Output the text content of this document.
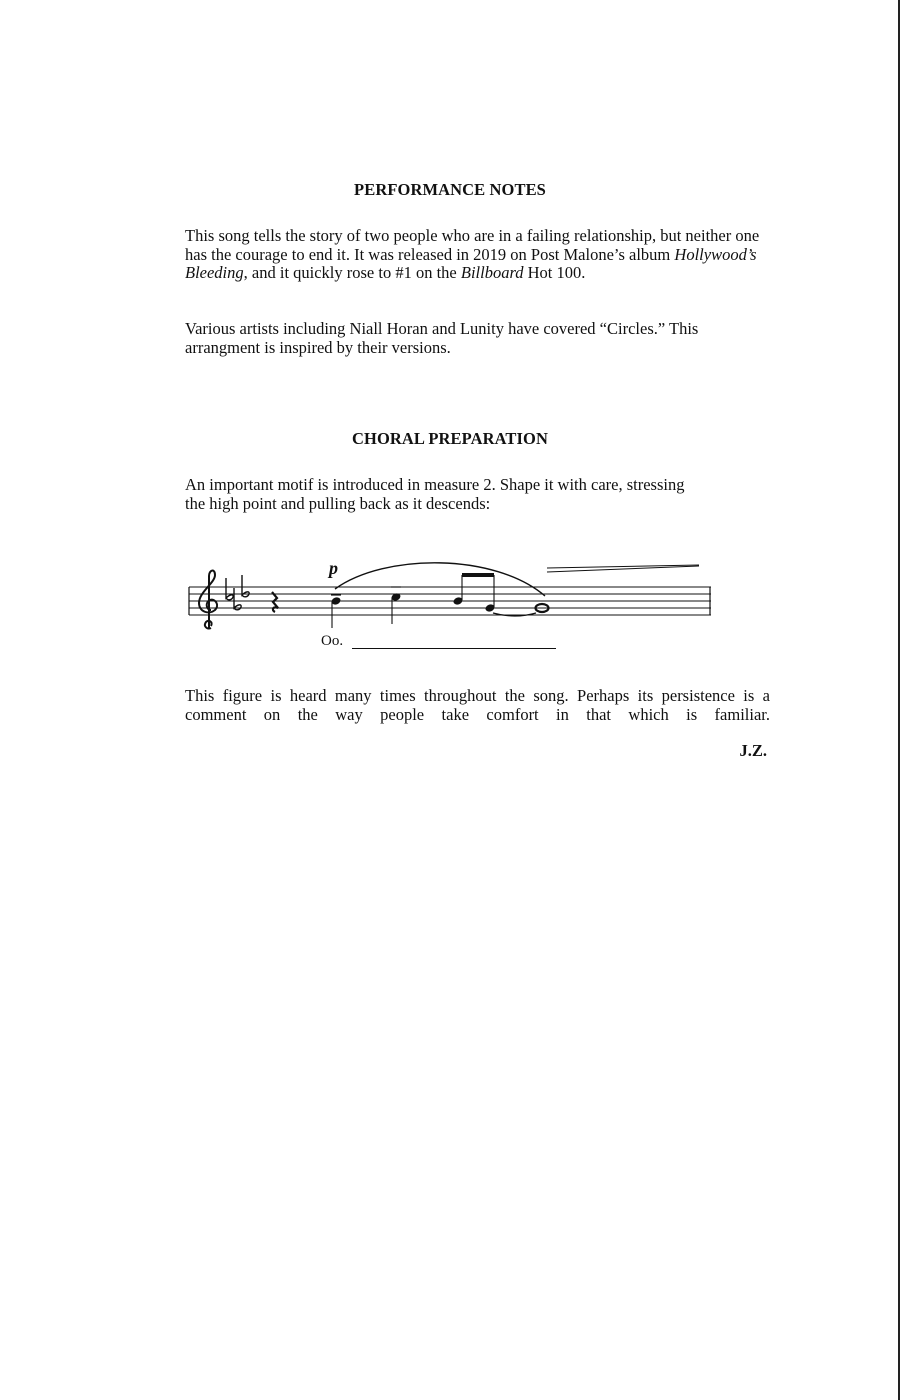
PERFORMANCE NOTES

This song tells the story of two people who are in a failing relationship, but neither one has the courage to end it. It was released in 2019 on Post Malone’s album Hollywood’s Bleeding, and it quickly rose to #1 on the Billboard Hot 100.

Various artists including Niall Horan and Lunity have covered “Circles.” This arrangment is inspired by their versions.

CHORAL PREPARATION

An important motif is introduced in measure 2. Shape it with care, stressing the high point and pulling back as it descends:

p
Oo.

This figure is heard many times throughout the song. Perhaps its persistence is a comment on the way people take comfort in that which is familiar.

J.Z.
